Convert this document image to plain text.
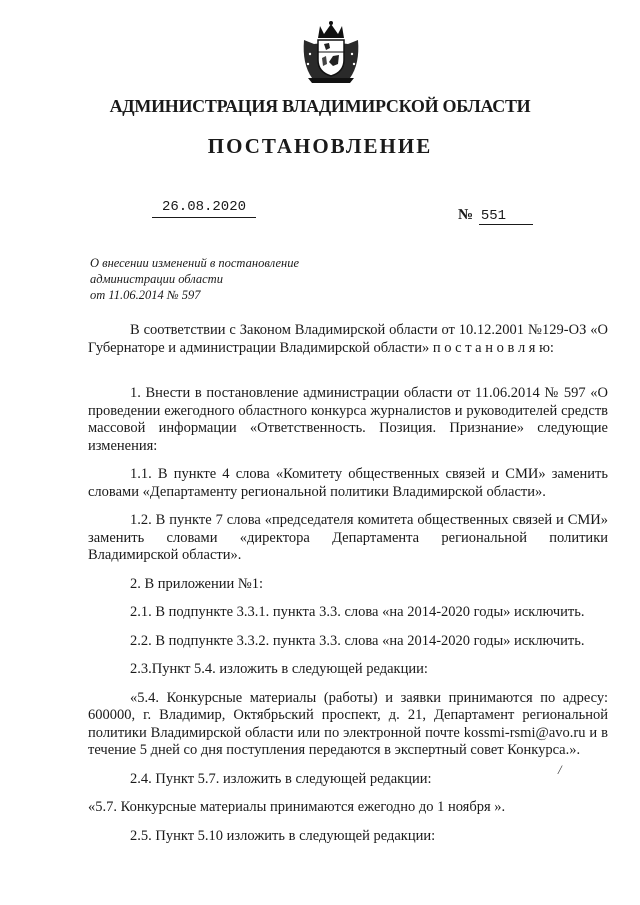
АДМИНИСТРАЦИЯ ВЛАДИМИРСКОЙ ОБЛАСТИ
ПОСТАНОВЛЕНИЕ
26.08.2020	№ 551
О внесении изменений в постановление
администрации области
от 11.06.2014 № 597

В соответствии с Законом Владимирской области от 10.12.2001 №129-ОЗ «О Губернаторе и администрации Владимирской области» п о с т а н о в л я ю:

1. Внести в постановление администрации области от 11.06.2014 № 597 «О проведении ежегодного областного конкурса журналистов и руководителей средств массовой информации «Ответственность. Позиция. Признание» следующие изменения:

1.1. В пункте 4 слова «Комитету общественных связей и СМИ» заменить словами «Департаменту региональной политики Владимирской области».

1.2. В пункте 7 слова «председателя комитета общественных связей и СМИ» заменить словами «директора Департамента региональной политики Владимирской области».

2. В приложении №1:

2.1. В подпункте 3.3.1. пункта 3.3. слова «на 2014-2020 годы» исключить.

2.2. В подпункте 3.3.2. пункта 3.3. слова «на 2014-2020 годы» исключить.

2.3.Пункт 5.4. изложить в следующей редакции:

«5.4. Конкурсные материалы (работы) и заявки принимаются по адресу: 600000, г. Владимир, Октябрьский проспект, д. 21, Департамент региональной политики Владимирской области или по электронной почте kossmi-rsmi@avo.ru и в течение 5 дней со дня поступления передаются в экспертный совет Конкурса.».

2.4. Пункт 5.7. изложить в следующей редакции:

«5.7. Конкурсные материалы принимаются ежегодно до 1 ноября ».

2.5. Пункт 5.10 изложить в следующей редакции:

/
